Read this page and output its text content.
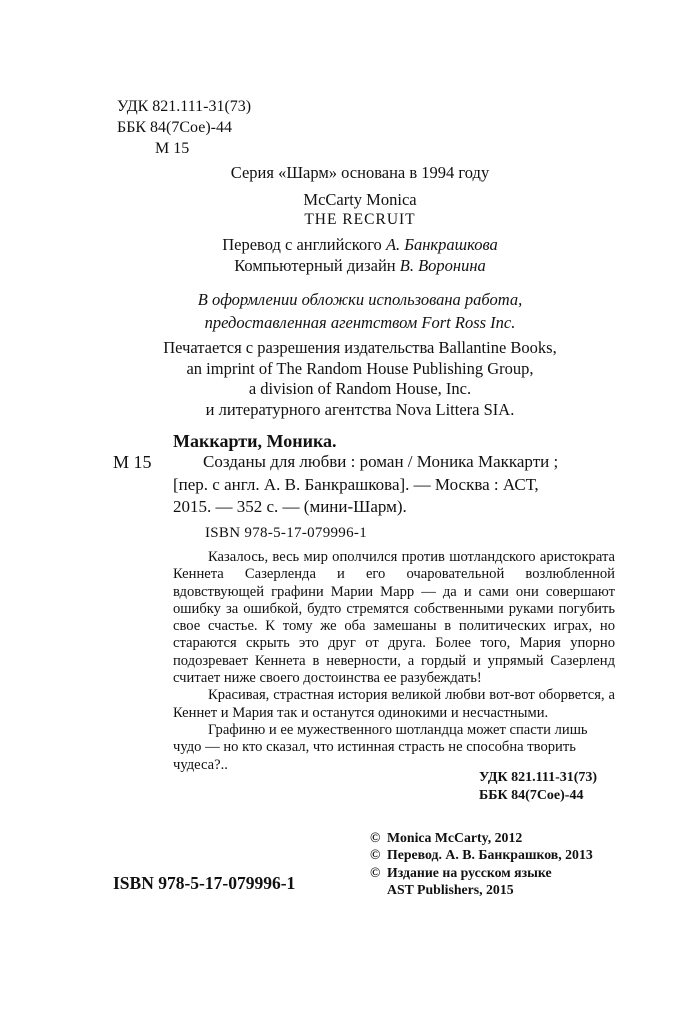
УДК 821.111-31(73)
ББК 84(7Сое)-44
М 15
Серия «Шарм» основана в 1994 году
McCarty Monica
THE RECRUIT
Перевод с английского А. Банкрашкова
Компьютерный дизайн В. Воронина
В оформлении обложки использована работа,
предоставленная агентством Fort Ross Inc.
Печатается с разрешения издательства Ballantine Books,
an imprint of The Random House Publishing Group,
a division of Random House, Inc.
и литературного агентства Nova Littera SIA.
Маккарти, Моника.
М 15	Созданы для любви : роман / Моника Маккарти ;
[пер. с англ. А. В. Банкрашкова]. — Москва : АСТ,
2015. — 352 с. — (мини-Шарм).
ISBN 978-5-17-079996-1

Казалось, весь мир ополчился против шотландского аристократа Кеннета Сазерленда и его очаровательной возлюбленной вдовствующей графини Марии Марр — да и сами они совершают ошибку за ошибкой, будто стремятся собственными руками погубить свое счастье. К тому же оба замешаны в политических играх, но стараются скрыть это друг от друга. Более того, Мария упорно подозревает Кеннета в неверности, а гордый и упрямый Сазерленд считает ниже своего достоинства ее разубеждать!

Красивая, страстная история великой любви вот-вот оборвется, а Кеннет и Мария так и останутся одинокими и несчастными.

Графиню и ее мужественного шотландца может спасти лишь чудо — но кто сказал, что истинная страсть не способна творить чудеса?..

УДК 821.111-31(73)
ББК 84(7Сое)-44
© Monica McCarty, 2012
© Перевод. А. В. Банкрашков, 2013
© Издание на русском языке
AST Publishers, 2015
ISBN 978-5-17-079996-1
